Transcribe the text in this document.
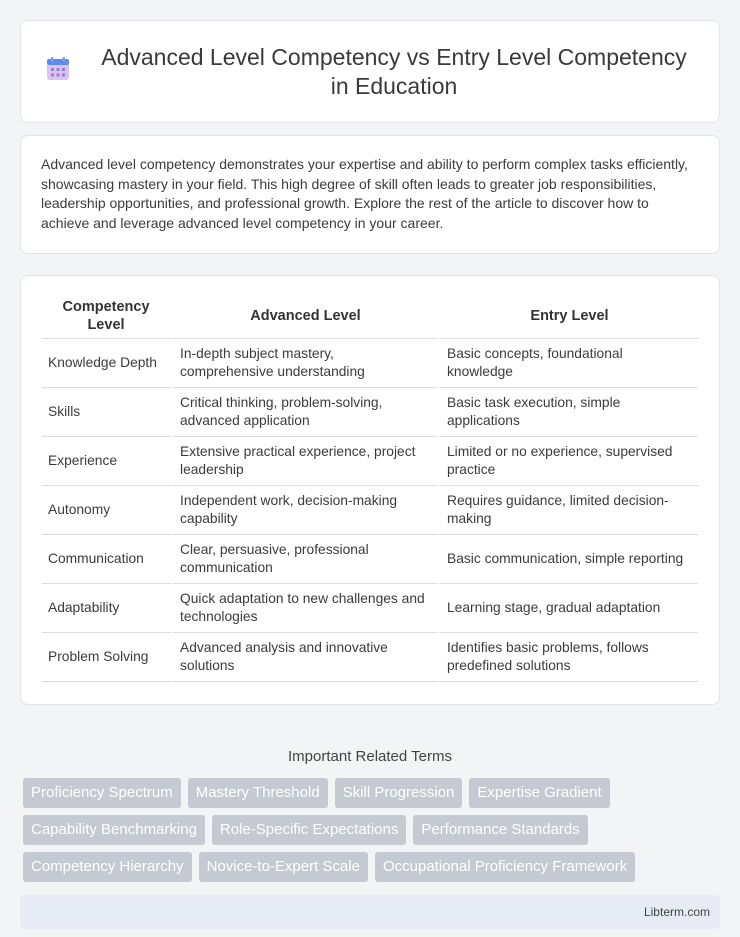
Advanced Level Competency vs Entry Level Competency in Education

Advanced level competency demonstrates your expertise and ability to perform complex tasks efficiently, showcasing mastery in your field. This high degree of skill often leads to greater job responsibilities, leadership opportunities, and professional growth. Explore the rest of the article to discover how to achieve and leverage advanced level competency in your career.

Competency Level	Advanced Level	Entry Level
Knowledge Depth	In-depth subject mastery, comprehensive understanding	Basic concepts, foundational knowledge
Skills	Critical thinking, problem-solving, advanced application	Basic task execution, simple applications
Experience	Extensive practical experience, project leadership	Limited or no experience, supervised practice
Autonomy	Independent work, decision-making capability	Requires guidance, limited decision-making
Communication	Clear, persuasive, professional communication	Basic communication, simple reporting
Adaptability	Quick adaptation to new challenges and technologies	Learning stage, gradual adaptation
Problem Solving	Advanced analysis and innovative solutions	Identifies basic problems, follows predefined solutions
Important Related Terms
Proficiency Spectrum	Mastery Threshold	Skill Progression	Expertise Gradient
Capability Benchmarking	Role-Specific Expectations	Performance Standards
Competency Hierarchy	Novice-to-Expert Scale	Occupational Proficiency Framework
Libterm.com
